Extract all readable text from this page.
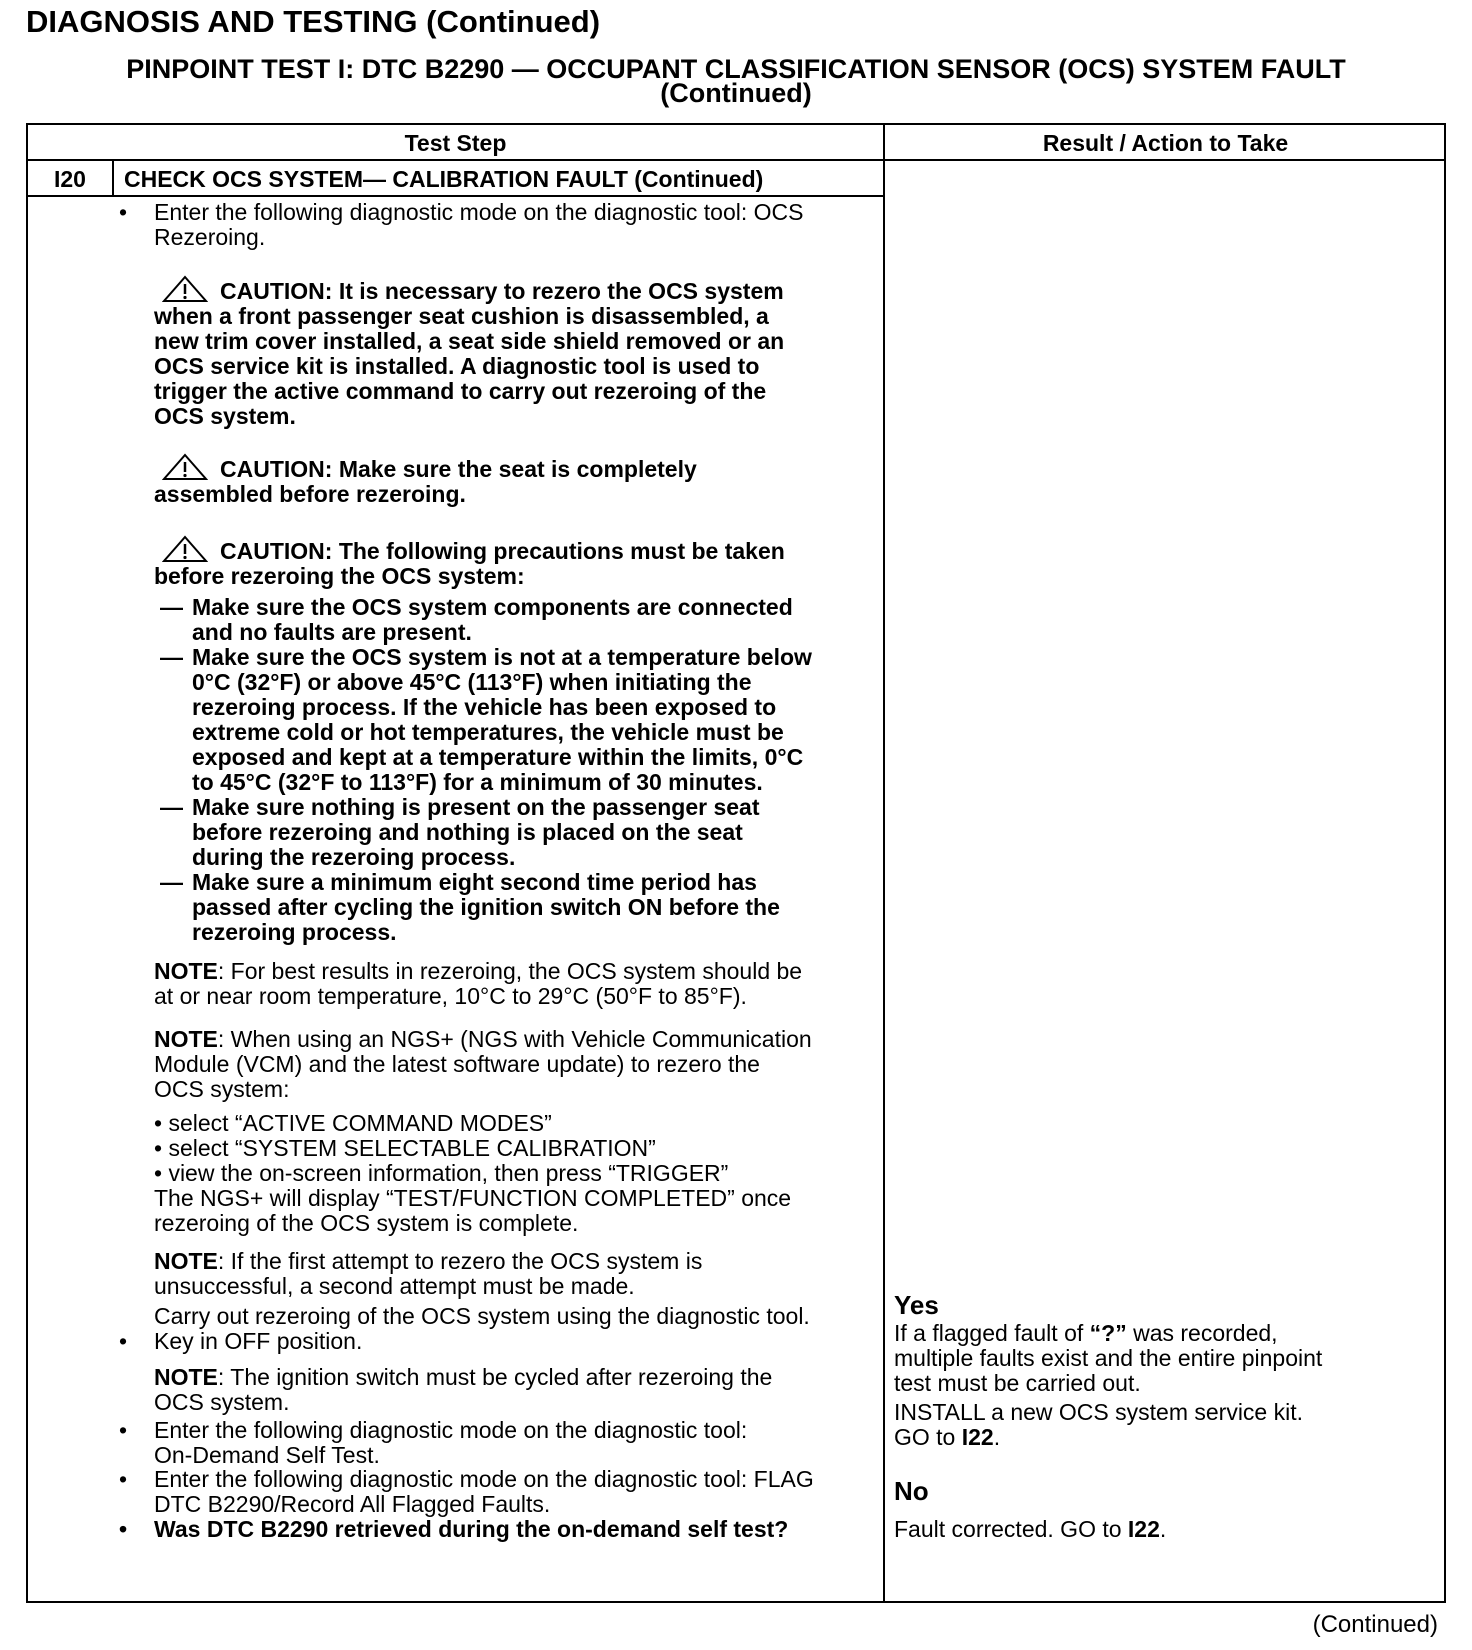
DIAGNOSIS AND TESTING (Continued)
PINPOINT TEST I: DTC B2290 — OCCUPANT CLASSIFICATION SENSOR (OCS) SYSTEM FAULT
(Continued)
Test Step	Result / Action to Take
I20	CHECK OCS SYSTEM— CALIBRATION FAULT (Continued)
• Enter the following diagnostic mode on the diagnostic tool: OCS
Rezeroing.
CAUTION: It is necessary to rezero the OCS system
when a front passenger seat cushion is disassembled, a
new trim cover installed, a seat side shield removed or an
OCS service kit is installed. A diagnostic tool is used to
trigger the active command to carry out rezeroing of the
OCS system.
CAUTION: Make sure the seat is completely
assembled before rezeroing.
CAUTION: The following precautions must be taken
before rezeroing the OCS system:
— Make sure the OCS system components are connected
and no faults are present.
— Make sure the OCS system is not at a temperature below
0°C (32°F) or above 45°C (113°F) when initiating the
rezeroing process. If the vehicle has been exposed to
extreme cold or hot temperatures, the vehicle must be
exposed and kept at a temperature within the limits, 0°C
to 45°C (32°F to 113°F) for a minimum of 30 minutes.
— Make sure nothing is present on the passenger seat
before rezeroing and nothing is placed on the seat
during the rezeroing process.
— Make sure a minimum eight second time period has
passed after cycling the ignition switch ON before the
rezeroing process.
NOTE: For best results in rezeroing, the OCS system should be
at or near room temperature, 10°C to 29°C (50°F to 85°F).
NOTE: When using an NGS+ (NGS with Vehicle Communication
Module (VCM) and the latest software update) to rezero the
OCS system:
• select “ACTIVE COMMAND MODES”
• select “SYSTEM SELECTABLE CALIBRATION”
• view the on-screen information, then press “TRIGGER”
The NGS+ will display “TEST/FUNCTION COMPLETED” once
rezeroing of the OCS system is complete.
NOTE: If the first attempt to rezero the OCS system is
unsuccessful, a second attempt must be made.
Carry out rezeroing of the OCS system using the diagnostic tool.
• Key in OFF position.
NOTE: The ignition switch must be cycled after rezeroing the
OCS system.
• Enter the following diagnostic mode on the diagnostic tool:
On-Demand Self Test.
• Enter the following diagnostic mode on the diagnostic tool: FLAG
DTC B2290/Record All Flagged Faults.
• Was DTC B2290 retrieved during the on-demand self test?
Yes
If a flagged fault of “?” was recorded,
multiple faults exist and the entire pinpoint
test must be carried out.
INSTALL a new OCS system service kit.
GO to I22.
No
Fault corrected. GO to I22.
(Continued)
